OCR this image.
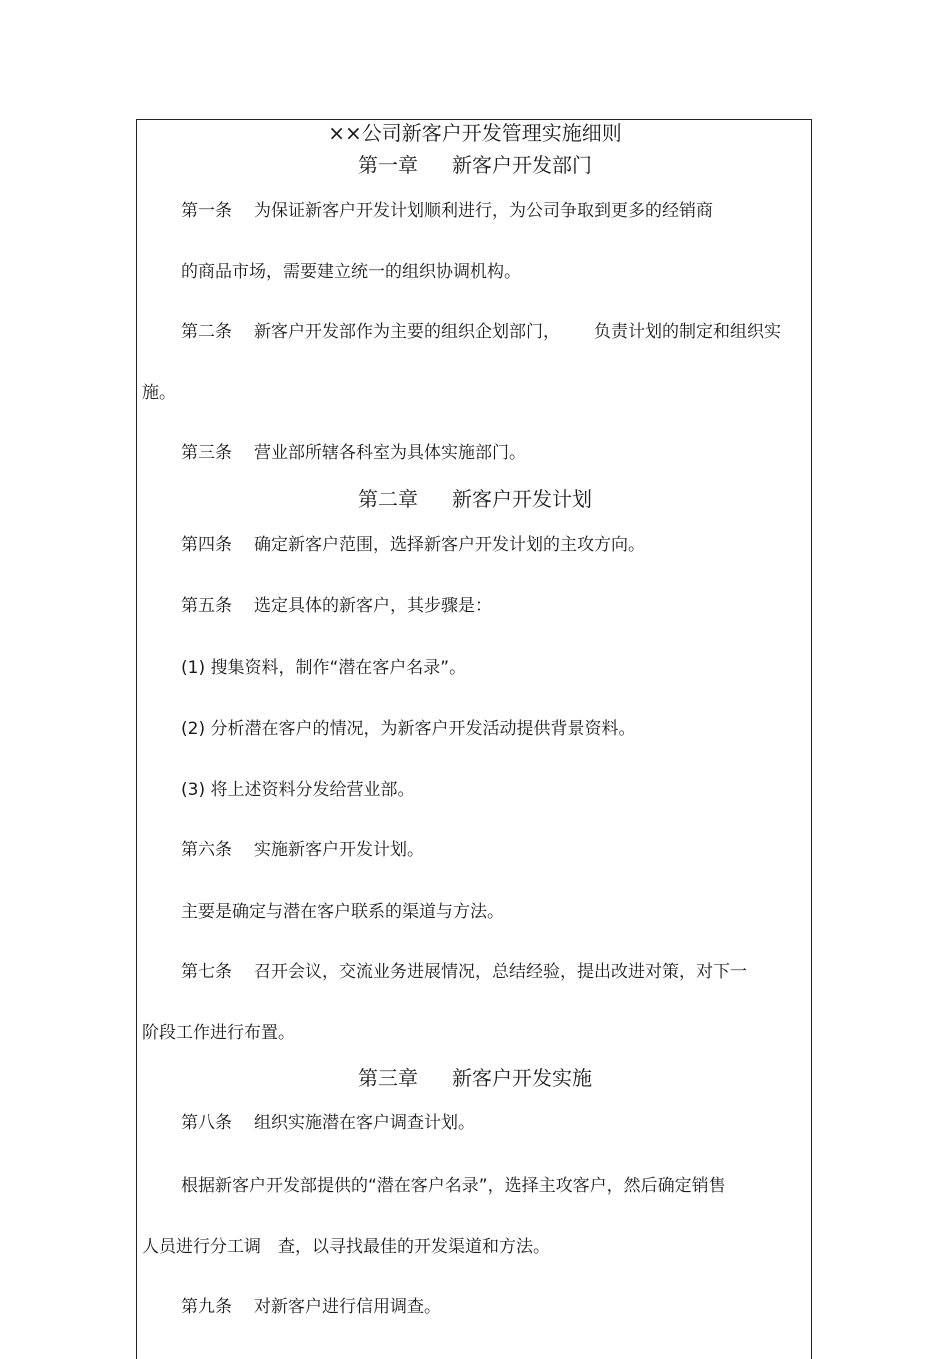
××公司新客户开发管理实施细则
第一章 新客户开发部门
第一条 为保证新客户开发计划顺利进行，为公司争取到更多的经销商
的商品市场，需要建立统一的组织协调机构。
第二条 新客户开发部作为主要的组织企划部门， 负责计划的制定和组织实
施。
第三条 营业部所辖各科室为具体实施部门。
第二章 新客户开发计划
第四条 确定新客户范围，选择新客户开发计划的主攻方向。
第五条 选定具体的新客户，其步骤是：
(1) 搜集资料，制作“潜在客户名录”。
(2) 分析潜在客户的情况，为新客户开发活动提供背景资料。
(3) 将上述资料分发给营业部。
第六条 实施新客户开发计划。
主要是确定与潜在客户联系的渠道与方法。
第七条 召开会议，交流业务进展情况，总结经验，提出改进对策，对下一
阶段工作进行布置。
第三章 新客户开发实施
第八条 组织实施潜在客户调查计划。
根据新客户开发部提供的“潜在客户名录”，选择主攻客户，然后确定销售
人员进行分工调　查，以寻找最佳的开发渠道和方法。
第九条 对新客户进行信用调查。
